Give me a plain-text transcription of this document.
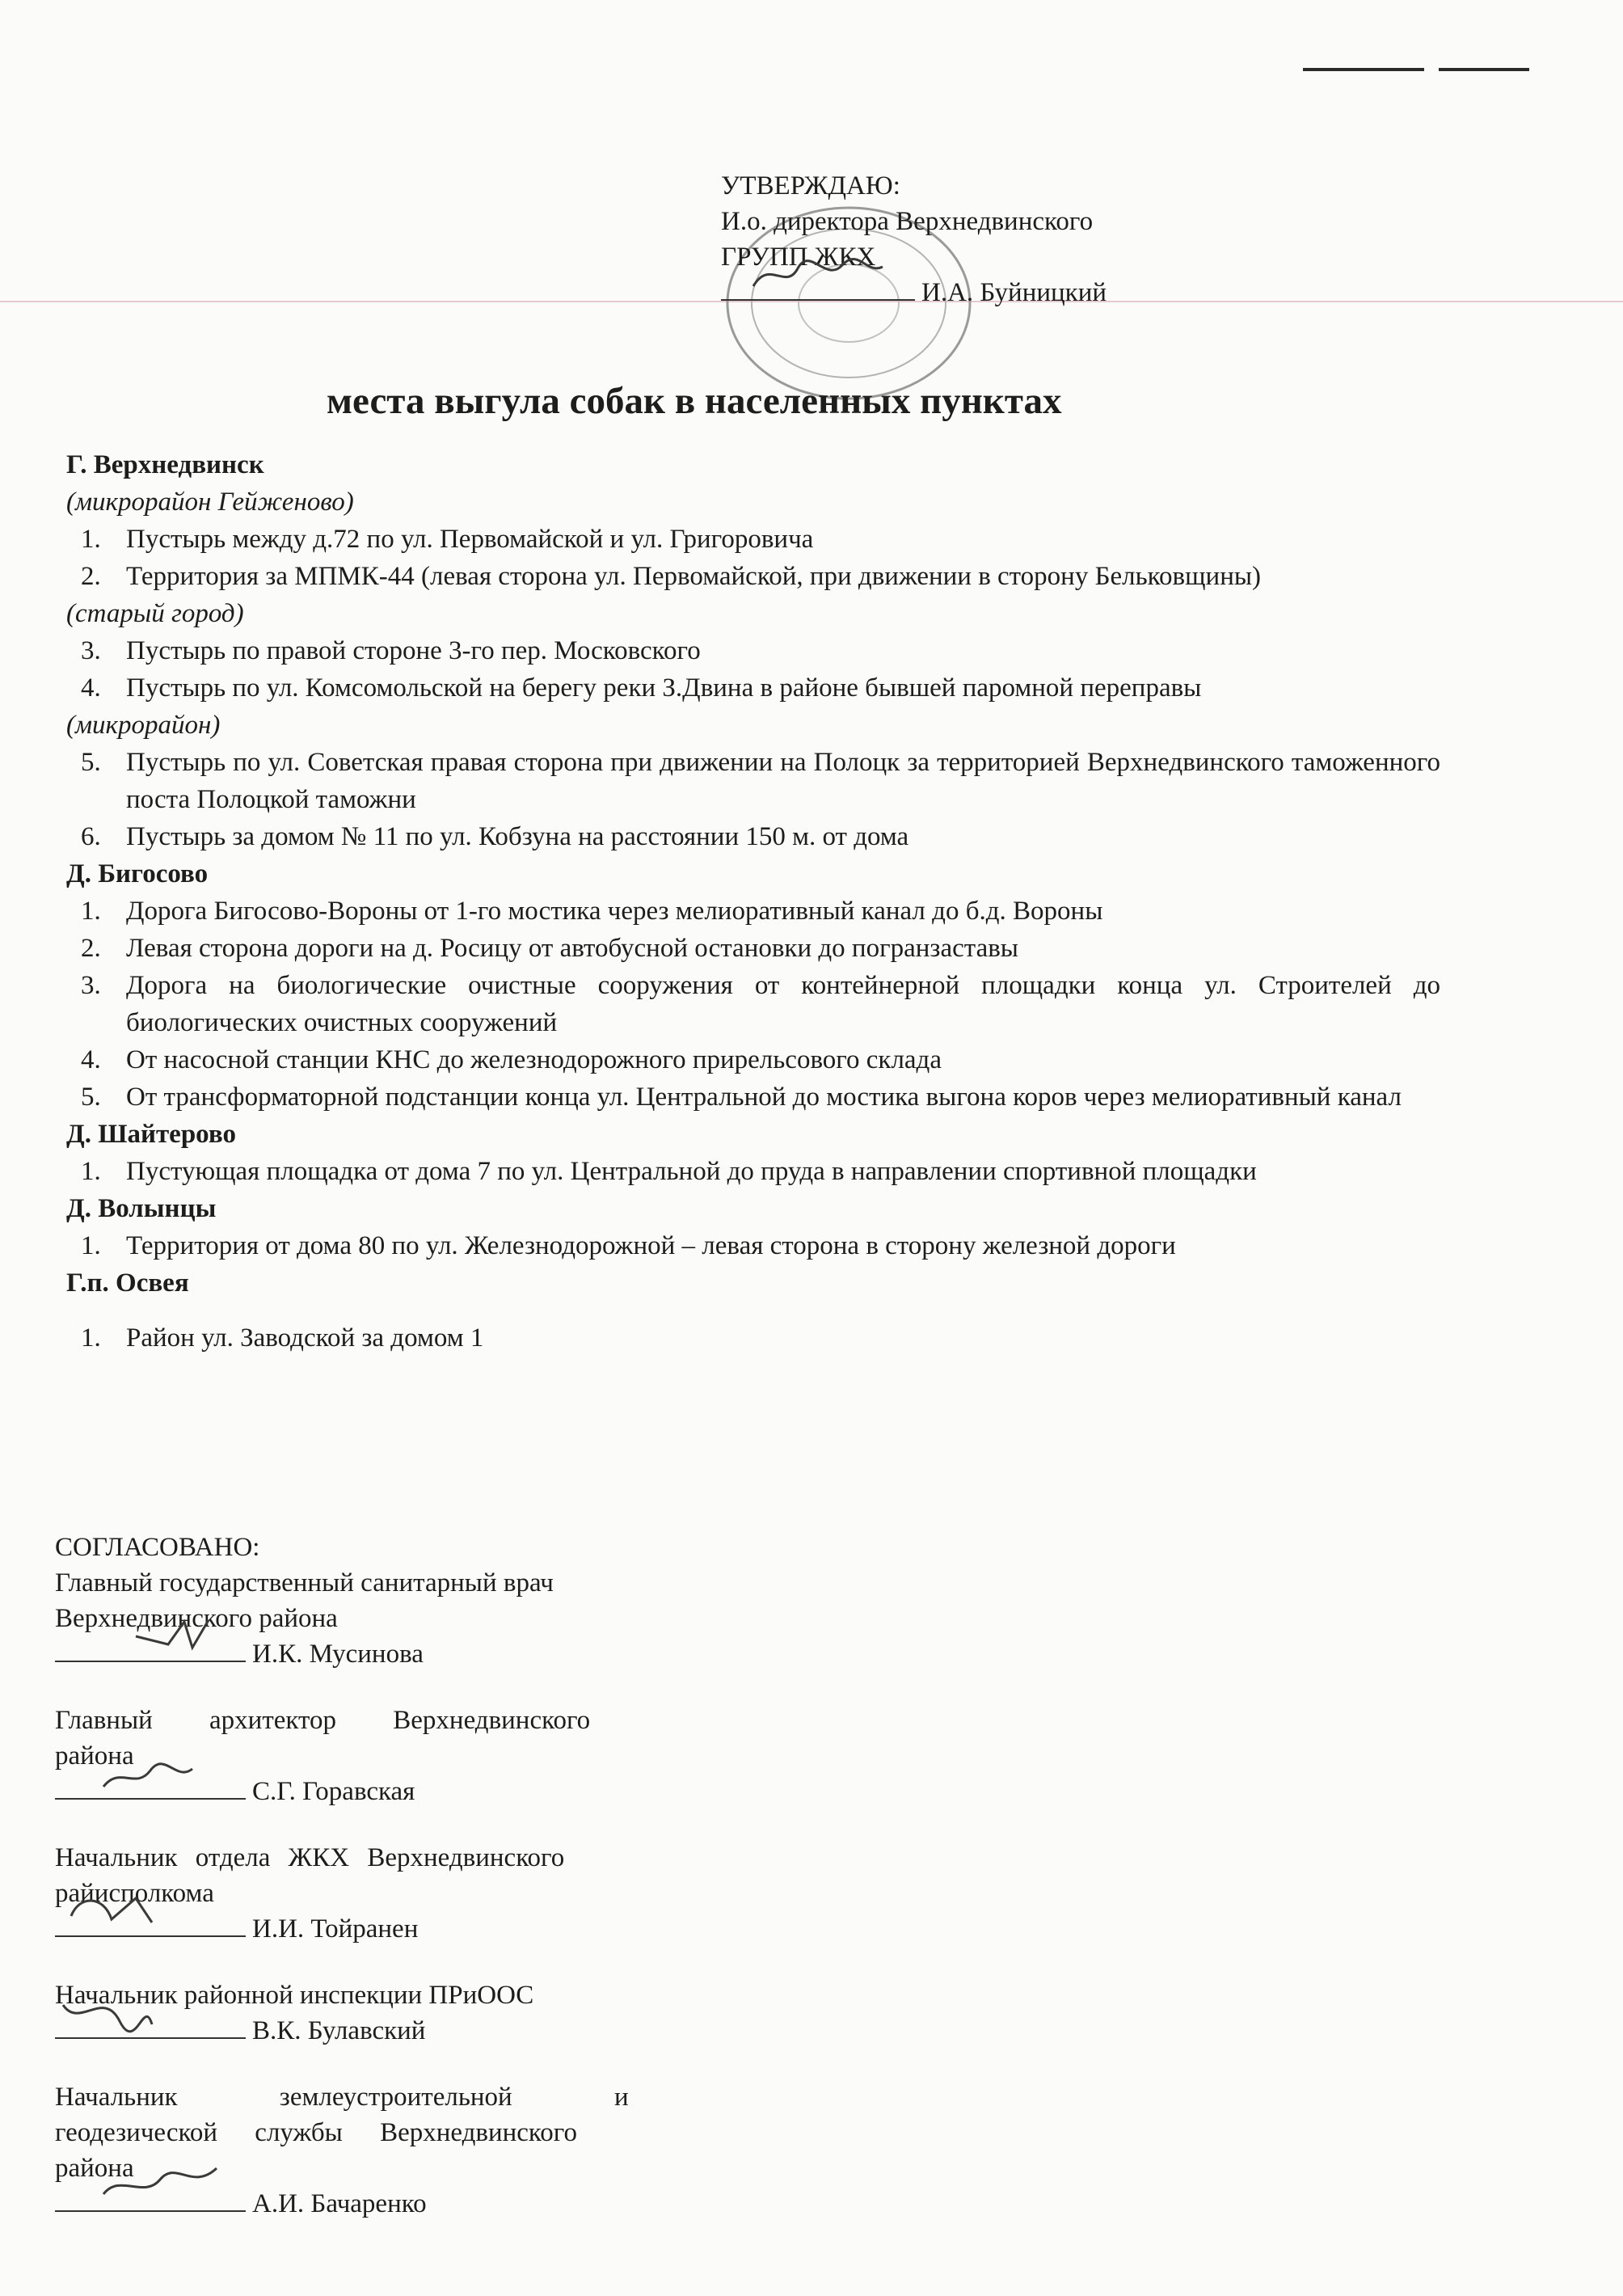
УТВЕРЖДАЮ:
И.о. директора Верхнедвинского
ГРУПП ЖКХ
И.А. Буйницкий
места выгула собак в населенных пунктах
Г. Верхнедвинск
(микрорайон Гейженово)
1. Пустырь между д.72 по ул. Первомайской и ул. Григоровича
2. Территория за МПМК-44 (левая сторона ул. Первомайской, при движении в сторону Бельковщины)
(старый город)
3. Пустырь по правой стороне 3-го пер. Московского
4. Пустырь по ул. Комсомольской на берегу реки З.Двина в районе бывшей паромной переправы
(микрорайон)
5. Пустырь по ул. Советская правая сторона при движении на Полоцк за территорией Верхнедвинского таможенного поста Полоцкой таможни
6. Пустырь за домом № 11 по ул. Кобзуна на расстоянии 150 м. от дома
Д. Бигосово
1. Дорога Бигосово-Вороны от 1-го мостика через мелиоративный канал до б.д. Вороны
2. Левая сторона дороги на д. Росицу от автобусной остановки до погранзаставы
3. Дорога на биологические очистные сооружения от контейнерной площадки конца ул. Строителей до биологических очистных сооружений
4. От насосной станции КНС до железнодорожного прирельсового склада
5. От трансформаторной подстанции конца ул. Центральной до мостика выгона коров через мелиоративный канал
Д. Шайтерово
1. Пустующая площадка от дома 7 по ул. Центральной до пруда в направлении спортивной площадки
Д. Волынцы
1. Территория от дома 80 по ул. Железнодорожной – левая сторона в сторону железной дороги
Г.п. Освея
1. Район ул. Заводской за домом 1
СОГЛАСОВАНО:
Главный государственный санитарный врач
Верхнедвинского района
И.К. Мусинова
Главный архитектор Верхнедвинского
района
С.Г. Горавская
Начальник отдела ЖКХ Верхнедвинского
райисполкома
И.И. Тойранен
Начальник районной инспекции ПРиООС
В.К. Булавский
Начальник землеустроительной и
геодезической службы Верхнедвинского
района
А.И. Бачаренко
